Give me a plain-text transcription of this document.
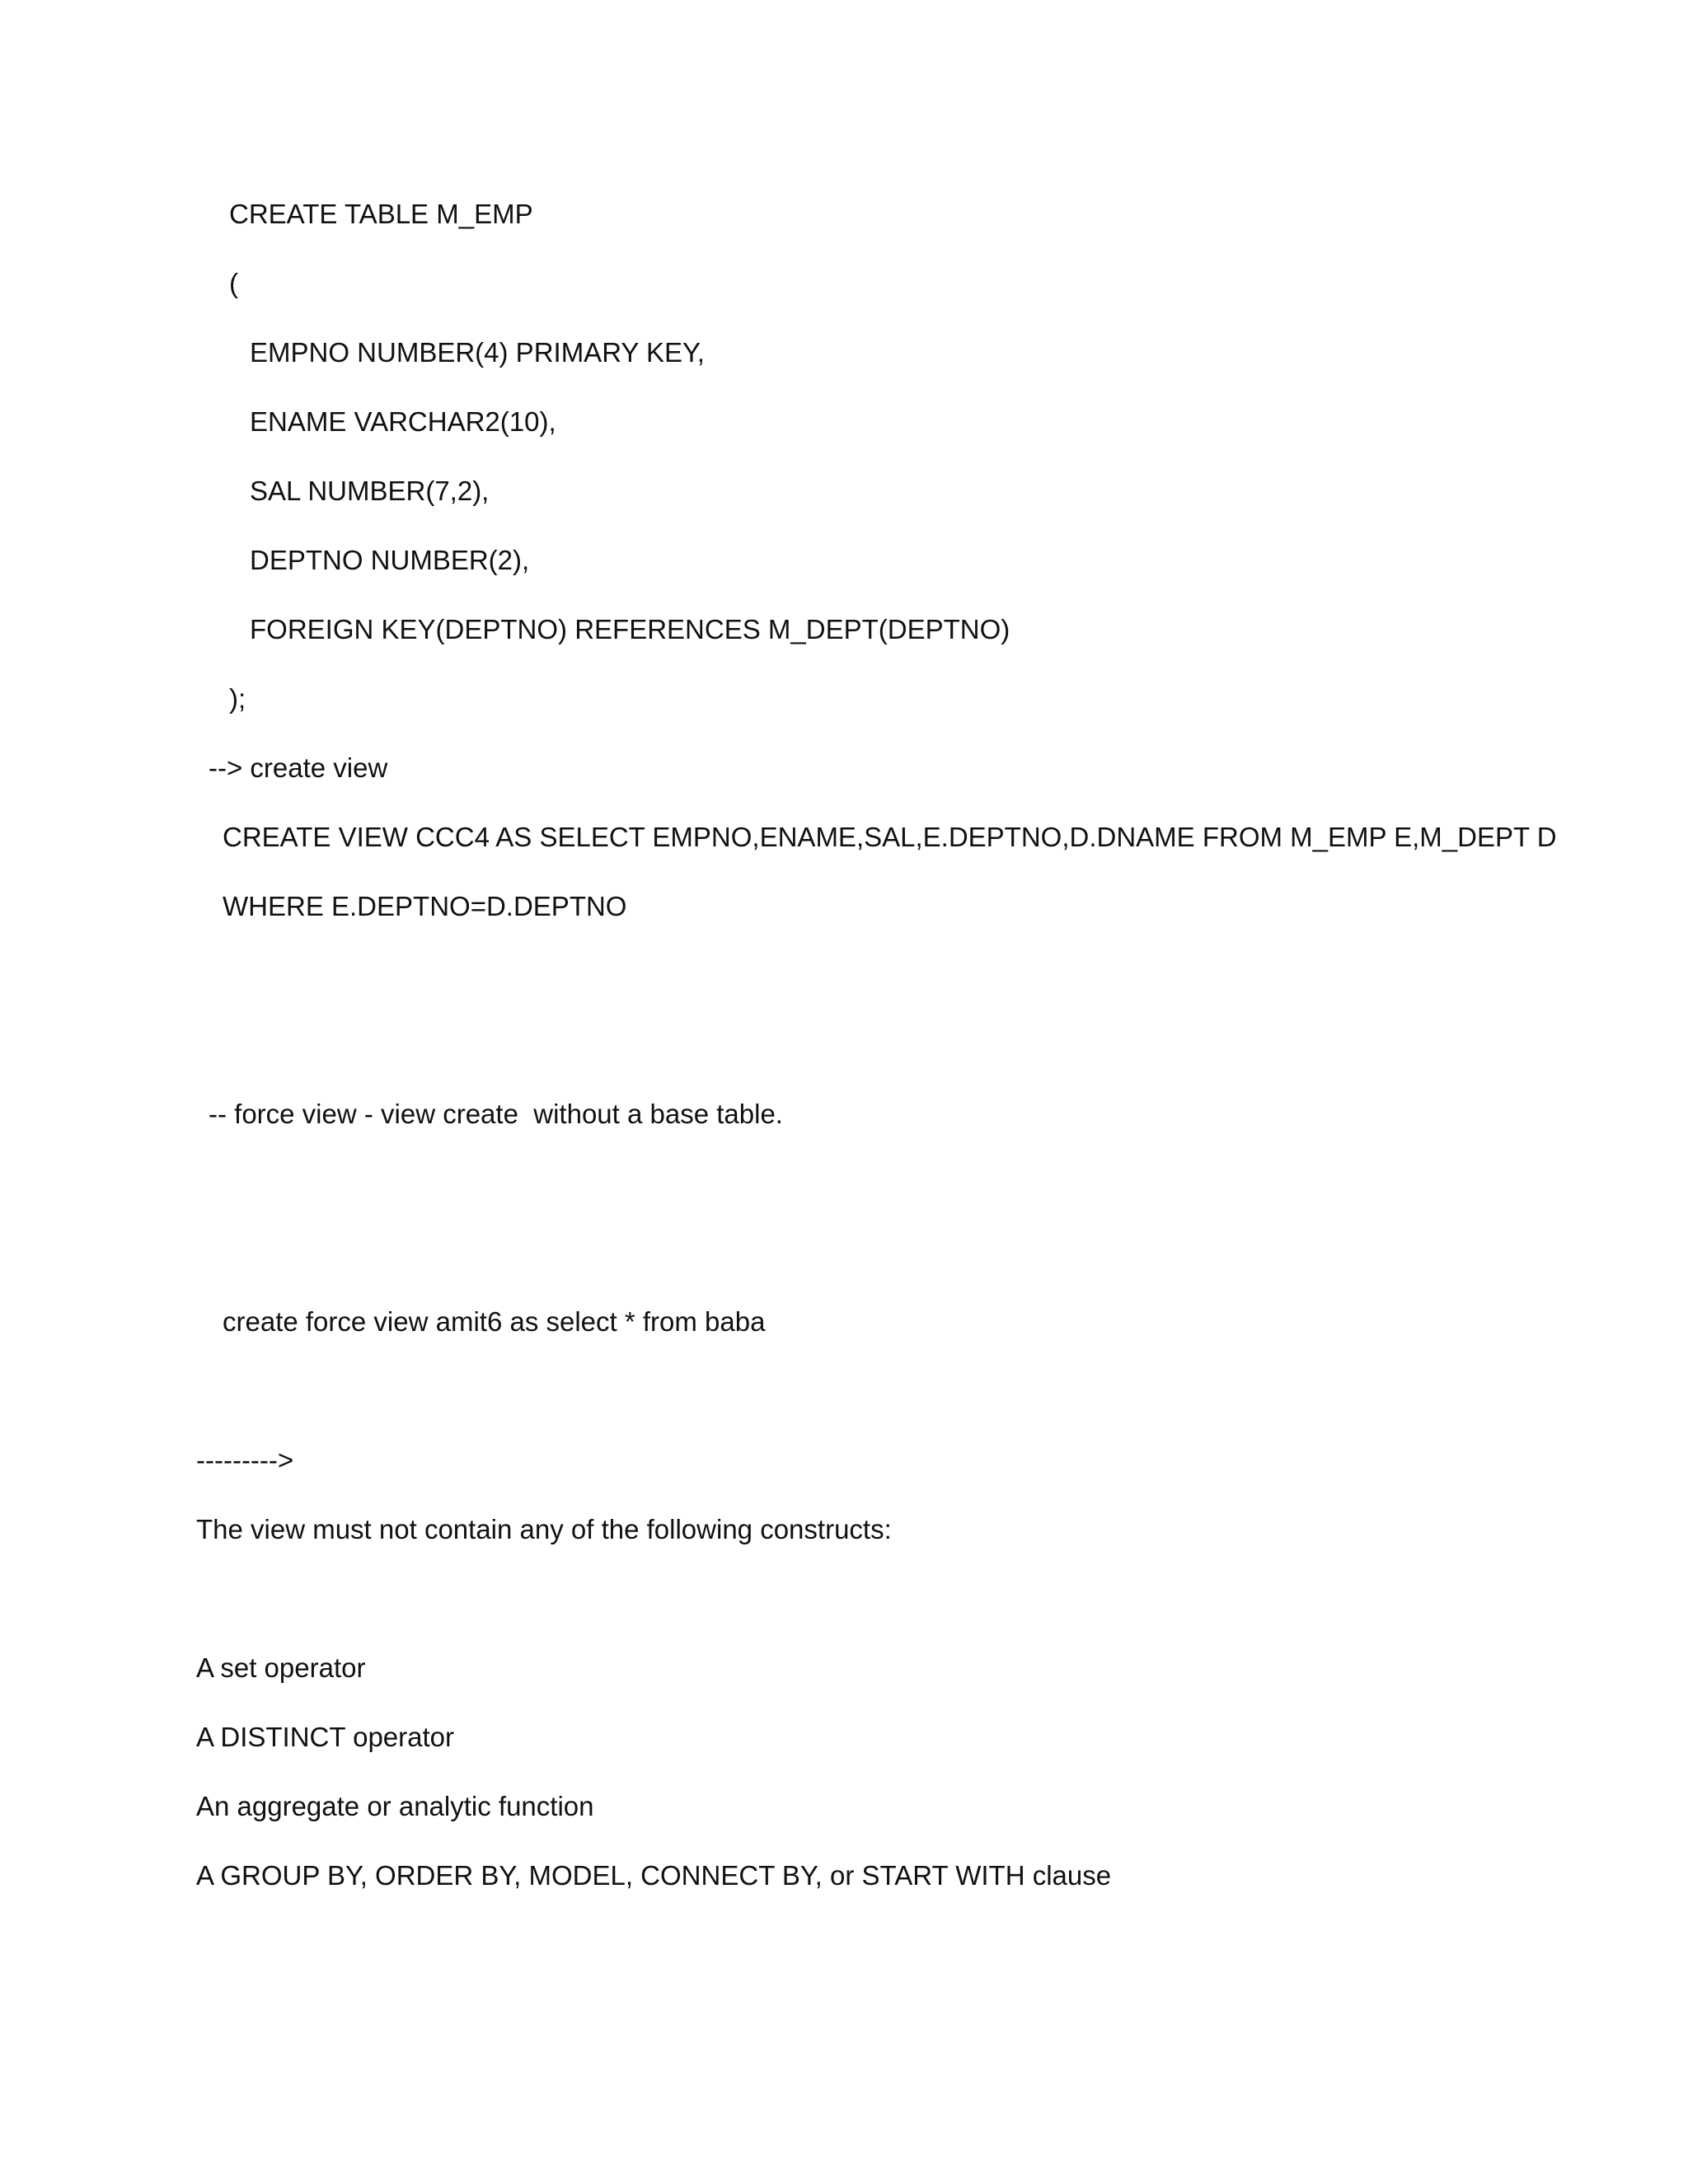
CREATE TABLE M_EMP
(
EMPNO NUMBER(4) PRIMARY KEY,
ENAME VARCHAR2(10),
SAL NUMBER(7,2),
DEPTNO NUMBER(2),
FOREIGN KEY(DEPTNO) REFERENCES M_DEPT(DEPTNO)
);
--> create view
CREATE VIEW CCC4 AS SELECT EMPNO,ENAME,SAL,E.DEPTNO,D.DNAME FROM M_EMP E,M_DEPT D
WHERE E.DEPTNO=D.DEPTNO
-- force view - view create  without a base table.
create force view amit6 as select * from baba
--------->
The view must not contain any of the following constructs:
A set operator
A DISTINCT operator
An aggregate or analytic function
A GROUP BY, ORDER BY, MODEL, CONNECT BY, or START WITH clause
